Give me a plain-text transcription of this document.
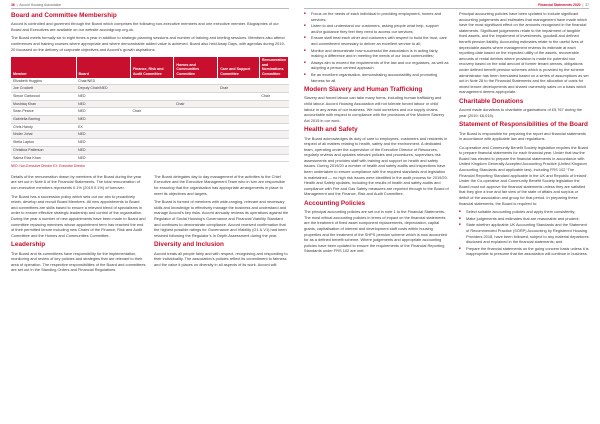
36  |  Accord Housing Association	Financial Statements 2020  |  37
Board and Committee Membership

Accord is controlled and governed through the Board which comprises the following non-executive members and one executive member. Biographies of our Board and Executives are available on our website accordgroup.org.uk.

The Board meets formally six to eight times a year in addition to strategic planning sessions and number of training and briefing sessions. Members also attend conferences and training courses where appropriate and where demonstrable added value is achieved. Board also held Away Days, with agendas during 2019-20 focussed on the delivery of corporate objectives and Accord’s growth aspirations.

Member	Board	Finance, Risk and Audit Committee	Homes and Communities Committee	Care and Support Committee	Remuneration and Nominations Committee
Elizabeth Huggins	Chair/NED				
Joe Crockett	Deputy Chair/NED			Chair	
Simon Gartwood	NED				Chair
Mushtaq Khan	NED		Chair		
Sean Pearce	NED	Chair			
Gabriella Barring	NED				
Chris Handy	EX				
Nnder Johal	NED				
Stella Lapton	NED				
Christina Patterson	NED				
Salma Riaz Khan	NED				
NED: Non-Executive Director EX: Executive Director

Details of the remuneration drawn by members of the Board during the year are set out in Note 6 of the Financial Statements. The total remuneration of non-executive members represents 0.1% (2019 0.1%) of turnover.

The Board has a succession policy which sets out our aim to proactively retain, develop and recruit Board Members. All new appointments to Board and committees are skills based to ensure a relevant blend of specialisms in order to ensure effective strategic leadership and control of the organisation. During the year a number of new appointments have been made to Board and committee replacing members whose appointment term has reached the end of their permitted tenure including new Chairs of the Finance, Risk and Audit Committee and the Homes and Communities Committee.

Leadership

The Board and its committees have responsibility for the implementation, monitoring and review of key policies and strategies that are relevant to their area of operation. The respective responsibilities of the Board and committees are set out in the Standing Orders and Financial Regulations.

The Board delegates day to day management of the activities to the Chief Executive and the Executive Management Team who in turn are responsible for ensuring that the organisation has appropriate arrangements in place to meet its objectives and targets.

The Board is formed of members with wide-ranging, relevant and necessary skills and knowledge to effectively manage the business and understand and manage Accord’s key risks. Accord annually reviews its operations against the Regulator of Social Housing’s Governance and Financial Viability Standard and continues to demonstrate compliance. Accord received confirmation that the highest possible ratings for Governance and Viability (G1 & V1) had been retained following the Regulator’s In Depth Assessment during the year.

Diversity and Inclusion

Accord treats all people fairly and with respect, recognising and responding to their individuality. The association’s policies reflect its commitment to fairness and the value it places on diversity in all aspects of its work. Accord will:

■ Focus on the needs of each individual in providing employment, homes and services;
■ Listen to and understand our customers, asking people what help, support and/or guidance they feel they need to access our services;
■ Ensure staff treat each other and customers with respect to build the trust, care and commitment necessary to deliver an excellent service to all;
■ Monitor and demonstrate how successful the association is in acting fairly, making a difference and in meeting the needs of our local communities;
■ Always aim to exceed the requirements of the law and our regulators, as well as adopting a person centred approach.
■ Be an excellent organisation, demonstrating accountability and promoting fairness for all.
Modern Slavery and Human Trafficking

Slavery and forced labour can take many forms, including human trafficking and child labour. Accord Housing Association will not tolerate forced labour or child labour in any areas of our business. We hold ourselves and our supply chains accountable with respect to compliance with the provisions of the Modern Slavery Act 2015 in our work.

Health and Safety

The Board acknowledges its duty of care to employees, customers and residents in respect of all matters relating to health, safety and the environment. A dedicated team, operating under the supervision of the Executive Director of Resources, regularly reviews and updates relevant policies and procedures, supervises risk assessments and provides staff with training and support on health and safety issues. During 2019/20 a number of health and safety audits and inspections have been undertaken to ensure compliance with the required standards and legislation is maintained — no high risk issues were identified in the audit process for 2019/20. Health and Safety updates, including the results of health and safety audits and compliance with Fire and Gas Safety measures are reported through to the Board of Management and the Finance, Risk and Audit Committee.

Accounting Policies

The principal accounting policies are set out in note 1 to the Financial Statements. The most critical accounting policies in terms of impact on the financial statements are the treatment of fixed asset component replacements, depreciation, capital grants, capitalisation of interest and development staff costs within housing properties and the treatment of the SHPS pension scheme which is now accounted for as a defined benefit scheme. Where judgements and appropriate accounting policies have been updated to ensure the requirements of the Financial Reporting Standards under FRS 102 are met.

Principal accounting policies have been updated to include significant accounting judgements and estimates that management have made which have the most significant effect on the amounts recognised in the financial statements. Significant judgements relate to the impairment of tangible fixed assets, and the impairment of investments, goodwill and defined benefit pension liability. Accounting estimates relate to the useful lives of depreciable assets where management reviews its estimate at each reporting date based on the expected utility of the assets, recoverable amounts of rental debtors where provision is made for potential non recovery based on the total amount of former tenant arrears, obligations under defined benefit pension schemes which is provided by the scheme administrator has been formulated based on a series of assumptions as set out in Note 28 to the Financial Statements and the allocation of costs for mixed tenure developments and shared ownership sales on a basis which management deems appropriate.

Charitable Donations

Accord made donations to charitable organisations of £5,767 during the year (2019: £6,015).

Statement of Responsibilities of the Board

The Board is responsible for preparing the report and financial statements in accordance with applicable law and regulations.

Co-operative and Community Benefit Society legislation requires the Board to prepare financial statements for each financial year. Under that law the Board has elected to prepare the financial statements in accordance with United Kingdom Generally Accepted Accounting Practice (United Kingdom Accounting Standards and applicable law), including FRS 102 ‘The Financial Reporting Standard applicable in the UK and Republic of Ireland’. Under the Co-operative and Community Benefit Society legislation the Board must not approve the financial statements unless they are satisfied that they give a true and fair view of the state of affairs and surplus or deficit of the association and group for that period. In preparing these financial statements, the Board is required to:

■ Select suitable accounting policies and apply them consistently;
■ Make judgements and estimates that are reasonable and prudent;
■ State whether applicable UK Accounting Standards and the Statement of Recommended Practice (SORP) Accounting by Registered Housing Providers 2018, have been followed, subject to any material departures disclosed and explained in the financial statements; and
■ Prepare the financial statements on the going concern basis unless it is inappropriate to presume that the association will continue in business.
